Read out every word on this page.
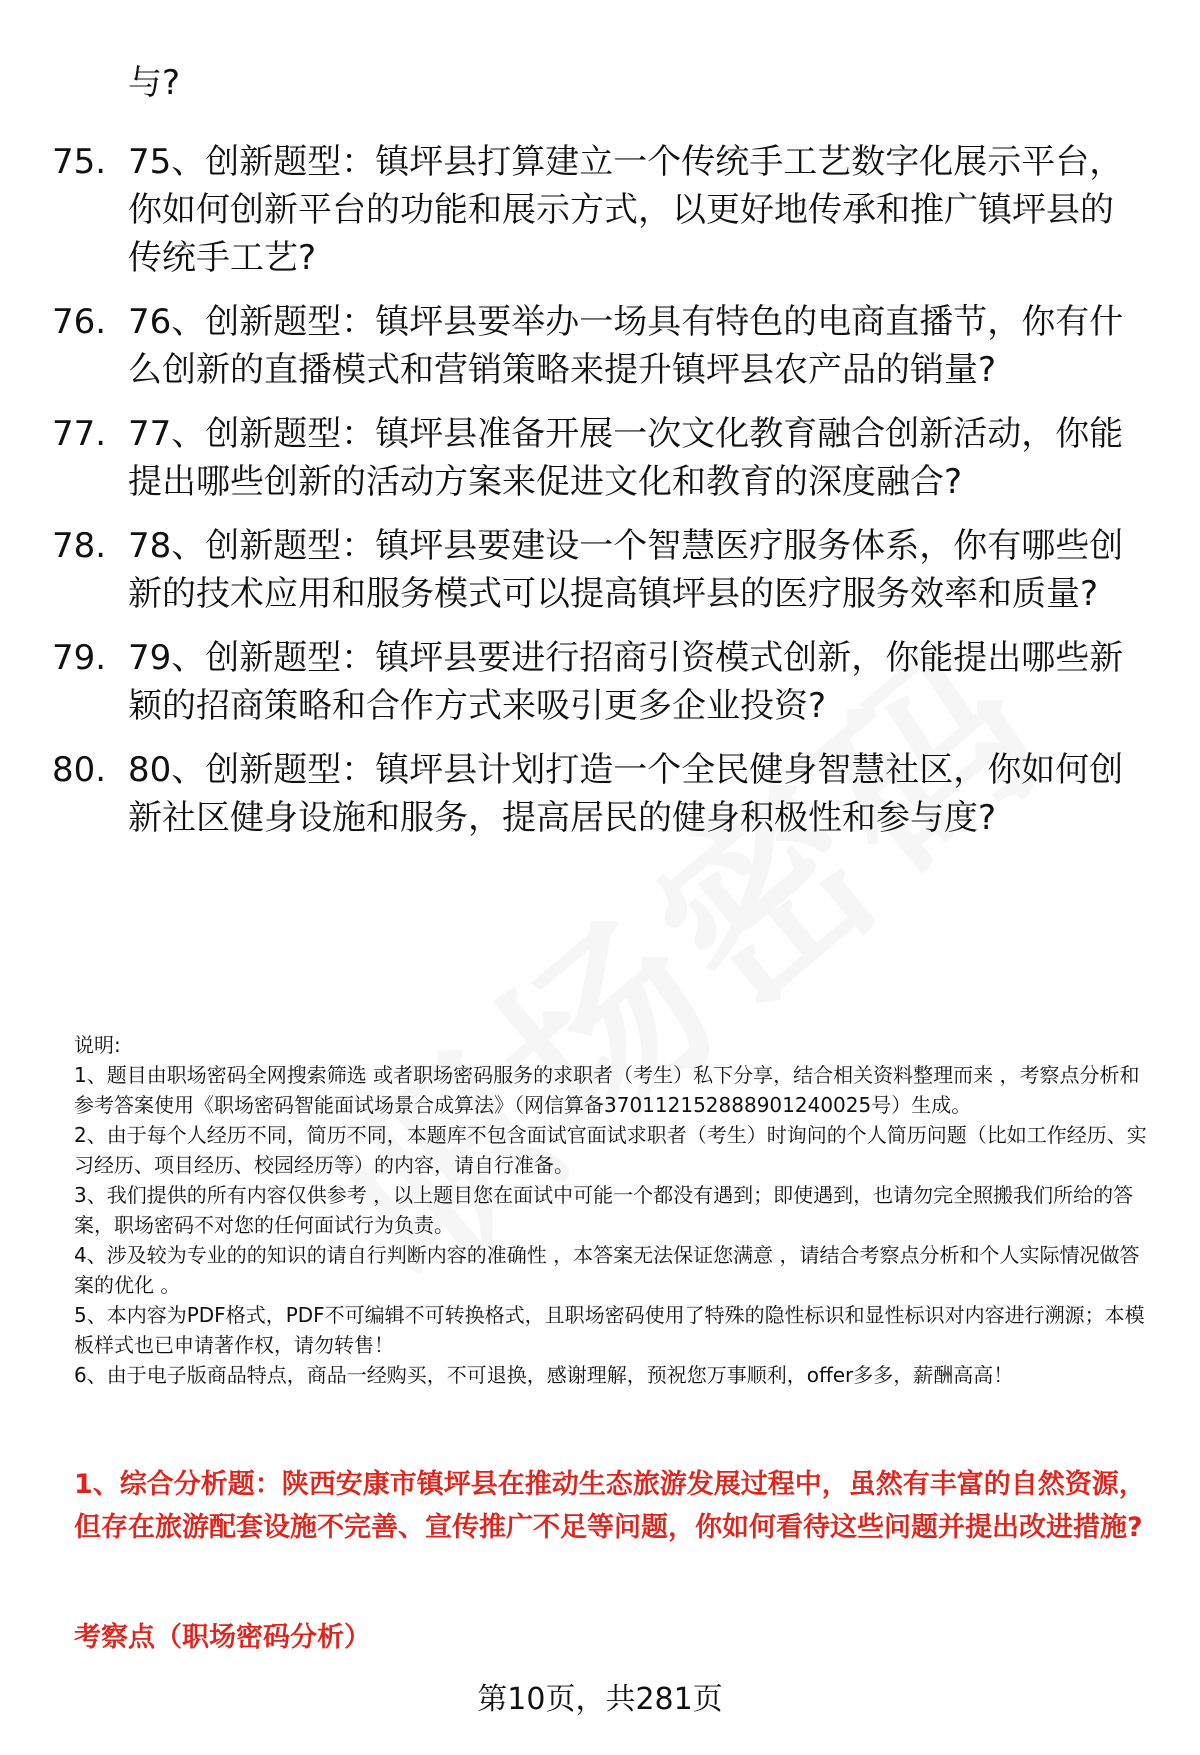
与?

75. 75、创新题型：镇坪县打算建立一个传统手工艺数字化展示平台，你如何创新平台的功能和展示方式，以更好地传承和推广镇坪县的传统手工艺?

76. 76、创新题型：镇坪县要举办一场具有特色的电商直播节，你有什么创新的直播模式和营销策略来提升镇坪县农产品的销量?

77. 77、创新题型：镇坪县准备开展一次文化教育融合创新活动，你能提出哪些创新的活动方案来促进文化和教育的深度融合?

78. 78、创新题型：镇坪县要建设一个智慧医疗服务体系，你有哪些创新的技术应用和服务模式可以提高镇坪县的医疗服务效率和质量?

79. 79、创新题型：镇坪县要进行招商引资模式创新，你能提出哪些新颖的招商策略和合作方式来吸引更多企业投资?

80. 80、创新题型：镇坪县计划打造一个全民健身智慧社区，你如何创新社区健身设施和服务，提高居民的健身积极性和参与度?

说明:

1、题目由职场密码全网搜索筛选 或者职场密码服务的求职者（考生）私下分享，结合相关资料整理而来 ，考察点分析和参考答案使用《职场密码智能面试场景合成算法》（网信算备370112152888901240025号）生成。

2、由于每个人经历不同，简历不同，本题库不包含面试官面试求职者（考生）时询问的个人简历问题（比如工作经历、实习经历、项目经历、校园经历等）的内容，请自行准备。

3、我们提供的所有内容仅供参考 ，以上题目您在面试中可能一个都没有遇到；即使遇到，也请勿完全照搬我们所给的答案，职场密码不对您的任何面试行为负责。

4、涉及较为专业的的知识的请自行判断内容的准确性 ，本答案无法保证您满意 ，请结合考察点分析和个人实际情况做答案的优化 。

5、本内容为PDF格式，PDF不可编辑不可转换格式，且职场密码使用了特殊的隐性标识和显性标识对内容进行溯源；本模板样式也已申请著作权，请勿转售！

6、由于电子版商品特点，商品一经购买，不可退换，感谢理解，预祝您万事顺利，offer多多，薪酬高高！

1、综合分析题：陕西安康市镇坪县在推动生态旅游发展过程中，虽然有丰富的自然资源，但存在旅游配套设施不完善、宣传推广不足等问题，你如何看待这些问题并提出改进措施?

考察点（职场密码分析）

第10页，共281页
